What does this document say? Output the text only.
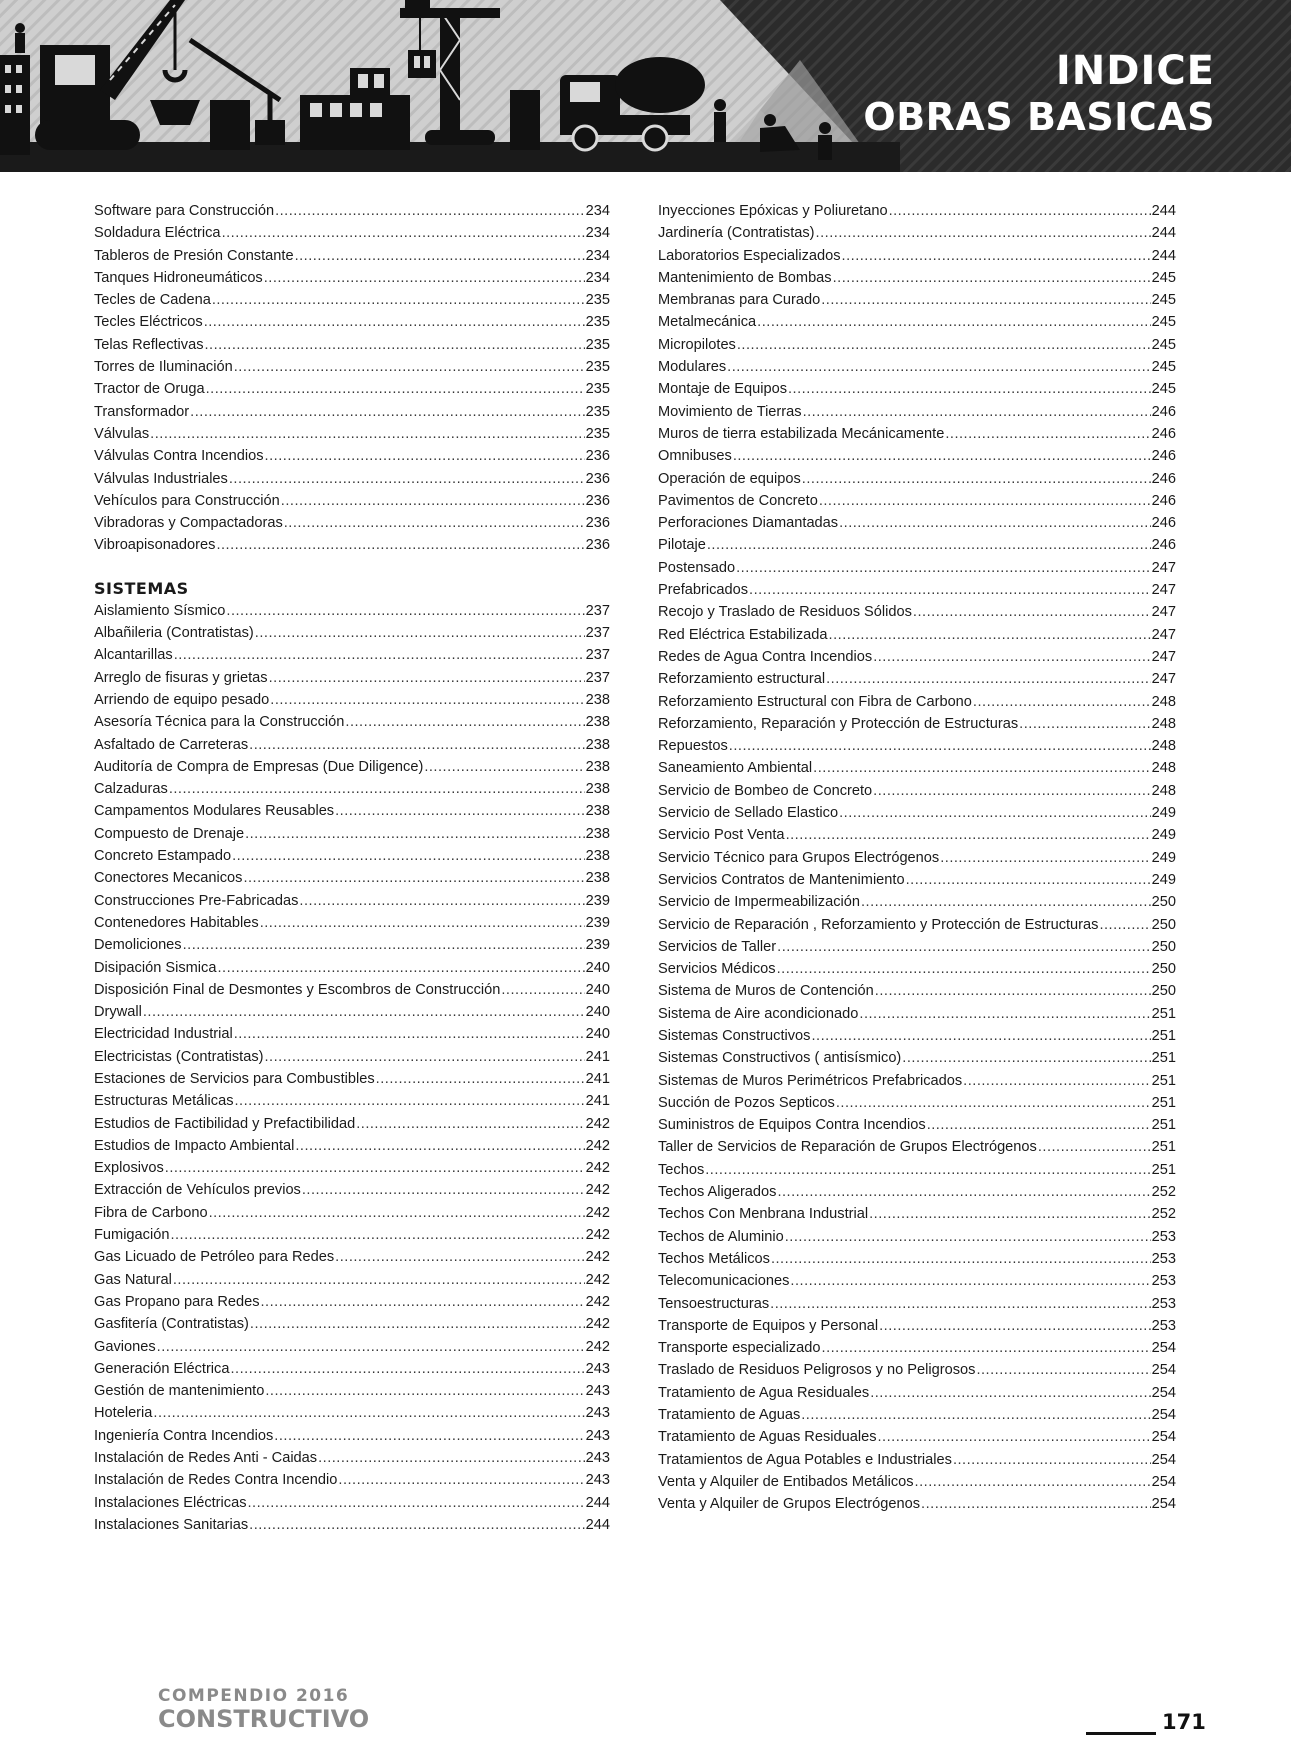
INDICE
OBRAS BASICAS
Software para Construcción .....	234
Soldadura Eléctrica .....	234
Tableros de Presión Constante .....	234
Tanques Hidroneumáticos .....	234
Tecles de Cadena .....	235
Tecles Eléctricos .....	235
Telas Reflectivas .....	235
Torres de Iluminación .....	235
Tractor de Oruga .....	235
Transformador .....	235
Válvulas .....	235
Válvulas Contra Incendios .....	236
Válvulas Industriales .....	236
Vehículos para Construcción .....	236
Vibradoras y Compactadoras .....	236
Vibroapisonadores .....	236
SISTEMAS
Aislamiento Sísmico .....	237
Albañileria (Contratistas) .....	237
Alcantarillas .....	237
Arreglo de fisuras y grietas .....	237
Arriendo de equipo pesado .....	238
Asesoría Técnica para la Construcción .....	238
Asfaltado de Carreteras .....	238
Auditoría de Compra de Empresas (Due Diligence) .....	238
Calzaduras .....	238
Campamentos Modulares Reusables .....	238
Compuesto de Drenaje .....	238
Concreto Estampado .....	238
Conectores Mecanicos .....	238
Construcciones Pre-Fabricadas .....	239
Contenedores Habitables .....	239
Demoliciones .....	239
Disipación Sismica .....	240
Disposición Final de Desmontes y Escombros de Construcción .....	240
Drywall .....	240
Electricidad Industrial .....	240
Electricistas (Contratistas) .....	241
Estaciones de Servicios para Combustibles .....	241
Estructuras Metálicas .....	241
Estudios de Factibilidad y Prefactibilidad .....	242
Estudios de Impacto Ambiental .....	242
Explosivos .....	242
Extracción de Vehículos previos .....	242
Fibra de Carbono .....	242
Fumigación .....	242
Gas Licuado de Petróleo para Redes .....	242
Gas Natural .....	242
Gas Propano para Redes .....	242
Gasfitería (Contratistas) .....	242
Gaviones .....	242
Generación Eléctrica .....	243
Gestión de mantenimiento .....	243
Hoteleria .....	243
Ingeniería Contra Incendios .....	243
Instalación de Redes Anti - Caidas .....	243
Instalación de Redes Contra Incendio .....	243
Instalaciones Eléctricas .....	244
Instalaciones Sanitarias .....	244
Inyecciones Epóxicas y Poliuretano .....	244
Jardinería (Contratistas) .....	244
Laboratorios Especializados .....	244
Mantenimiento de Bombas .....	245
Membranas para Curado .....	245
Metalmecánica .....	245
Micropilotes .....	245
Modulares .....	245
Montaje de Equipos .....	245
Movimiento de Tierras .....	246
Muros de tierra estabilizada Mecánicamente .....	246
Omnibuses .....	246
Operación de equipos .....	246
Pavimentos de Concreto .....	246
Perforaciones Diamantadas .....	246
Pilotaje .....	246
Postensado .....	247
Prefabricados .....	247
Recojo y Traslado de Residuos Sólidos .....	247
Red Eléctrica Estabilizada .....	247
Redes de Agua Contra Incendios .....	247
Reforzamiento estructural .....	247
Reforzamiento Estructural con Fibra de Carbono .....	248
Reforzamiento, Reparación y Protección de Estructuras .....	248
Repuestos .....	248
Saneamiento Ambiental .....	248
Servicio de Bombeo de Concreto .....	248
Servicio de Sellado Elastico .....	249
Servicio Post Venta .....	249
Servicio Técnico para Grupos Electrógenos .....	249
Servicios Contratos de Mantenimiento .....	249
Servicio de Impermeabilización .....	250
Servicio de Reparación , Reforzamiento y Protección de Estructuras .....	250
Servicios de Taller .....	250
Servicios Médicos .....	250
Sistema de Muros de Contención .....	250
Sistema de Aire acondicionado .....	251
Sistemas Constructivos .....	251
Sistemas Constructivos ( antisísmico) .....	251
Sistemas de Muros Perimétricos Prefabricados .....	251
Succión de Pozos Septicos .....	251
Suministros de Equipos Contra Incendios .....	251
Taller de Servicios de Reparación de Grupos Electrógenos .....	251
Techos .....	251
Techos Aligerados .....	252
Techos Con Menbrana Industrial .....	252
Techos de Aluminio .....	253
Techos Metálicos .....	253
Telecomunicaciones .....	253
Tensoestructuras .....	253
Transporte de Equipos y Personal .....	253
Transporte especializado .....	254
Traslado de Residuos Peligrosos y no Peligrosos .....	254
Tratamiento de Agua Residuales .....	254
Tratamiento de Aguas .....	254
Tratamiento de Aguas Residuales .....	254
Tratamientos de Agua Potables e Industriales .....	254
Venta y Alquiler de Entibados Metálicos .....	254
Venta y Alquiler de Grupos Electrógenos .....	254
COMPENDIO 2016
CONSTRUCTIVO	171
